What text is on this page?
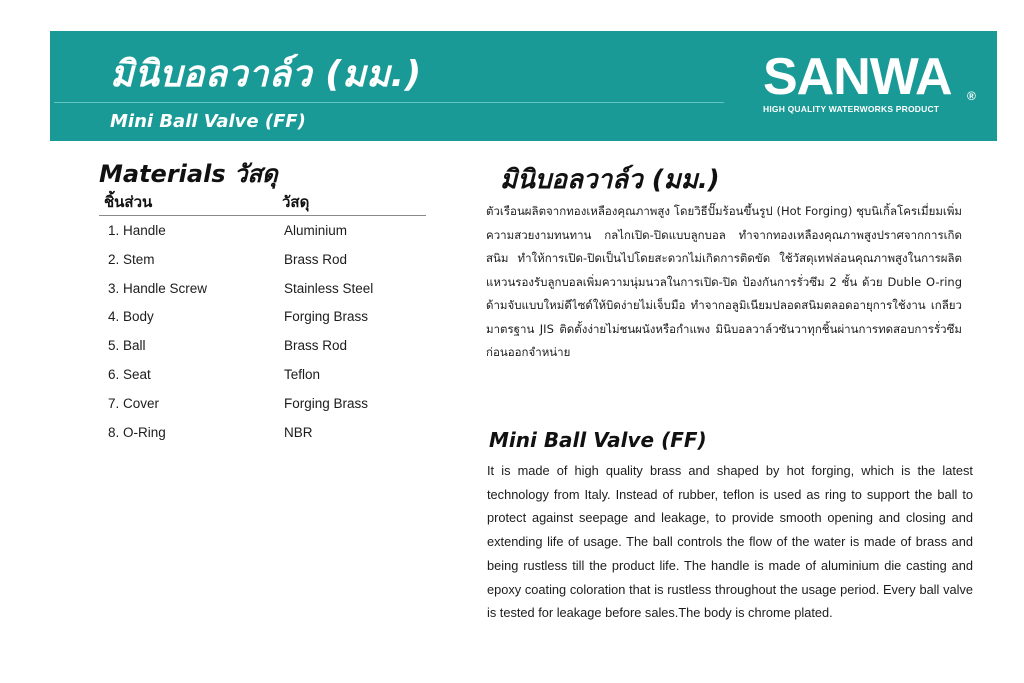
มินิบอลวาล์ว (มม.)
Mini Ball Valve (FF)
SANWA	®
HIGH QUALITY WATERWORKS PRODUCT
Materials วัสดุ
ชิ้นส่วน	วัสดุ
1. Handle	Aluminium
2. Stem	Brass Rod
3. Handle Screw	Stainless Steel
4. Body	Forging Brass
5. Ball	Brass Rod
6. Seat	Teflon
7. Cover	Forging Brass
8. O-Ring	NBR
มินิบอลวาล์ว (มม.)
ตัวเรือนผลิตจากทองเหลืองคุณภาพสูง โดยวิธีปั๊มร้อนขึ้นรูป (Hot Forging) ชุบนิเกิ้ลโครเมี่ยมเพิ่มความสวยงามทนทาน กลไกเปิด-ปิดแบบลูกบอล ทำจากทองเหลืองคุณภาพสูงปราศจากการเกิดสนิม ทำให้การเปิด-ปิดเป็นไปโดยสะดวกไม่เกิดการติดขัด ใช้วัสดุเทฟล่อนคุณภาพสูงในการผลิตแหวนรองรับลูกบอลเพิ่มความนุ่มนวลในการเปิด-ปิด ป้องกันการรั่วซึม 2 ชั้น ด้วย Duble O-ring ด้ามจับแบบใหม่ดีไซด์ให้บิดง่ายไม่เจ็บมือ ทำจากอลูมิเนียมปลอดสนิมตลอดอายุการใช้งาน เกลียวมาตรฐาน JIS ติดตั้งง่ายไม่ชนผนังหรือกำแพง มินิบอลวาล์วซันวาทุกชิ้นผ่านการทดสอบการรั่วซึมก่อนออกจำหน่าย
Mini Ball Valve (FF)
It is made of high quality brass and shaped by hot forging, which is the latest technology from Italy. Instead of rubber, teflon is used as ring to support the ball to protect against seepage and leakage, to provide smooth opening and closing and extending life of usage. The ball controls the flow of the water is made of brass and being rustless till the product life. The handle is made of aluminium die casting and epoxy coating coloration that is rustless throughout the usage period. Every ball valve is tested for leakage before sales.The body is chrome plated.
